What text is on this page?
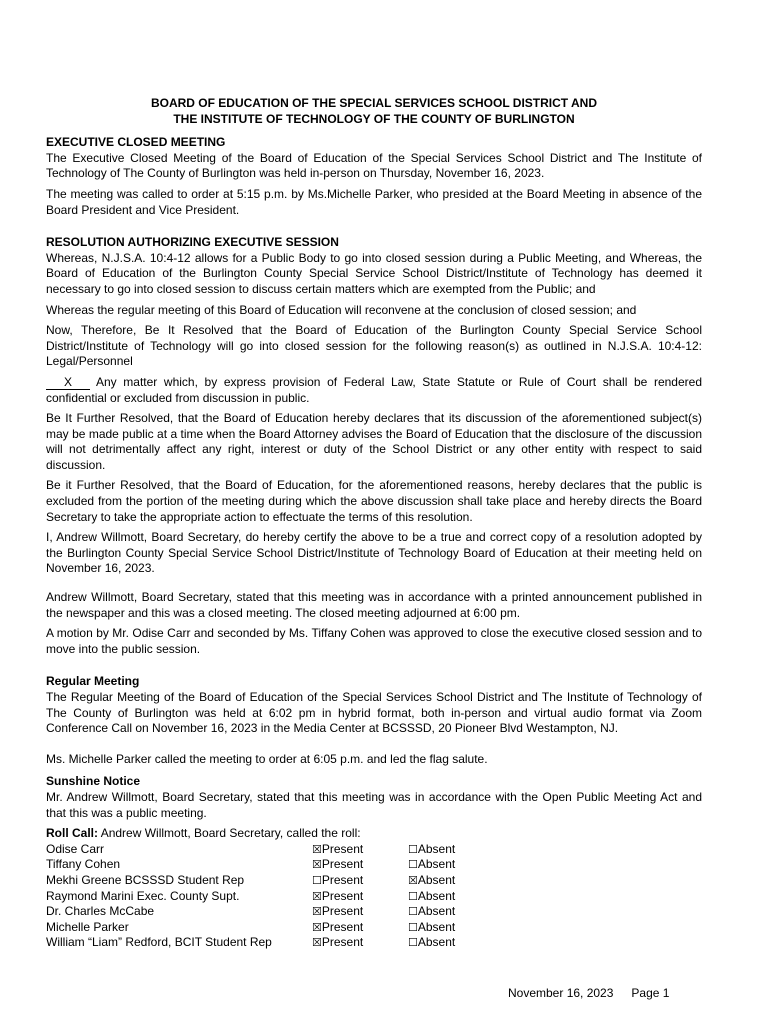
BOARD OF EDUCATION OF THE SPECIAL SERVICES SCHOOL DISTRICT AND
THE INSTITUTE OF TECHNOLOGY OF THE COUNTY OF BURLINGTON
EXECUTIVE CLOSED MEETING

The Executive Closed Meeting of the Board of Education of the Special Services School District and The Institute of Technology of The County of Burlington was held in-person on Thursday, November 16, 2023.

The meeting was called to order at 5:15 p.m. by Ms.Michelle Parker, who presided at the Board Meeting in absence of the Board President and Vice President.

RESOLUTION AUTHORIZING EXECUTIVE SESSION

Whereas, N.J.S.A. 10:4-12 allows for a Public Body to go into closed session during a Public Meeting, and Whereas, the Board of Education of the Burlington County Special Service School District/Institute of Technology has deemed it necessary to go into closed session to discuss certain matters which are exempted from the Public; and

Whereas the regular meeting of this Board of Education will reconvene at the conclusion of closed session; and

Now, Therefore, Be It Resolved that the Board of Education of the Burlington County Special Service School District/Institute of Technology will go into closed session for the following reason(s) as outlined in N.J.S.A. 10:4-12: Legal/Personnel

X Any matter which, by express provision of Federal Law, State Statute or Rule of Court shall be rendered confidential or excluded from discussion in public.

Be It Further Resolved, that the Board of Education hereby declares that its discussion of the aforementioned subject(s) may be made public at a time when the Board Attorney advises the Board of Education that the disclosure of the discussion will not detrimentally affect any right, interest or duty of the School District or any other entity with respect to said discussion.

Be it Further Resolved, that the Board of Education, for the aforementioned reasons, hereby declares that the public is excluded from the portion of the meeting during which the above discussion shall take place and hereby directs the Board Secretary to take the appropriate action to effectuate the terms of this resolution.

I, Andrew Willmott, Board Secretary, do hereby certify the above to be a true and correct copy of a resolution adopted by the Burlington County Special Service School District/Institute of Technology Board of Education at their meeting held on November 16, 2023.

Andrew Willmott, Board Secretary, stated that this meeting was in accordance with a printed announcement published in the newspaper and this was a closed meeting. The closed meeting adjourned at 6:00 pm.

A motion by Mr. Odise Carr and seconded by Ms. Tiffany Cohen was approved to close the executive closed session and to move into the public session.

Regular Meeting

The Regular Meeting of the Board of Education of the Special Services School District and The Institute of Technology of The County of Burlington was held at 6:02 pm in hybrid format, both in-person and virtual audio format via Zoom Conference Call on November 16, 2023 in the Media Center at BCSSSD, 20 Pioneer Blvd Westampton, NJ.

Ms. Michelle Parker called the meeting to order at 6:05 p.m. and led the flag salute.

Sunshine Notice

Mr. Andrew Willmott, Board Secretary, stated that this meeting was in accordance with the Open Public Meeting Act and that this was a public meeting.

Roll Call: Andrew Willmott, Board Secretary, called the roll:
Odise Carr	☒Present	☐Absent
Tiffany Cohen	☒Present	☐Absent
Mekhi Greene BCSSSD Student Rep	☐Present	☒Absent
Raymond Marini Exec. County Supt.	☒Present	☐Absent
Dr. Charles McCabe	☒Present	☐Absent
Michelle Parker	☒Present	☐Absent
William “Liam” Redford, BCIT Student Rep	☒Present	☐Absent
November 16, 2023 Page 1
